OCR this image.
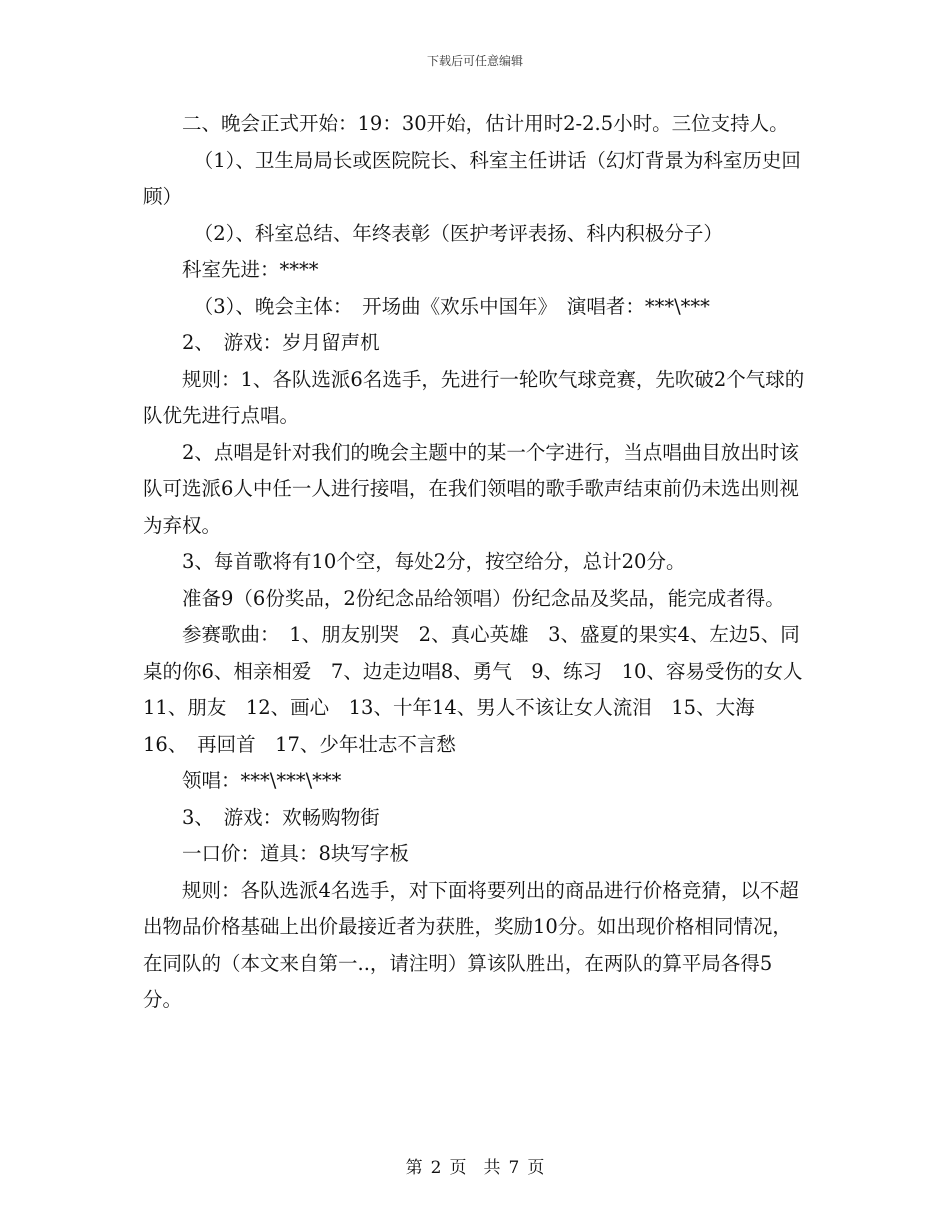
下载后可任意编辑

二、晚会正式开始：19：30开始，估计用时2-2.5小时。三位支持人。

（1）、卫生局局长或医院院长、科室主任讲话（幻灯背景为科室历史回顾）

（2）、科室总结、年终表彰（医护考评表扬、科内积极分子）

科室先进：****

（3）、晚会主体：　开场曲《欢乐中国年》　演唱者：***\***

2、　游戏：岁月留声机

规则：1、各队选派6名选手，先进行一轮吹气球竞赛，先吹破2个气球的队优先进行点唱。

2、点唱是针对我们的晚会主题中的某一个字进行，当点唱曲目放出时该队可选派6人中任一人进行接唱，在我们领唱的歌手歌声结束前仍未选出则视为弃权。

3、每首歌将有10个空，每处2分，按空给分，总计20分。

准备9（6份奖品，2份纪念品给领唱）份纪念品及奖品，能完成者得。

参赛歌曲：　1、朋友别哭　2、真心英雄　3、盛夏的果实4、左边5、同桌的你6、相亲相爱　7、边走边唱8、勇气　9、练习　10、容易受伤的女人　11、朋友　12、画心　13、十年14、男人不该让女人流泪　15、大海　16、　再回首　17、少年壮志不言愁

领唱：***\***\***

3、　游戏：欢畅购物街

一口价：道具：8块写字板

规则：各队选派4名选手，对下面将要列出的商品进行价格竞猜，以不超出物品价格基础上出价最接近者为获胜，奖励10分。如出现价格相同情况，在同队的（本文来自第一..，请注明）算该队胜出，在两队的算平局各得5分。

第 2 页　共 7 页
